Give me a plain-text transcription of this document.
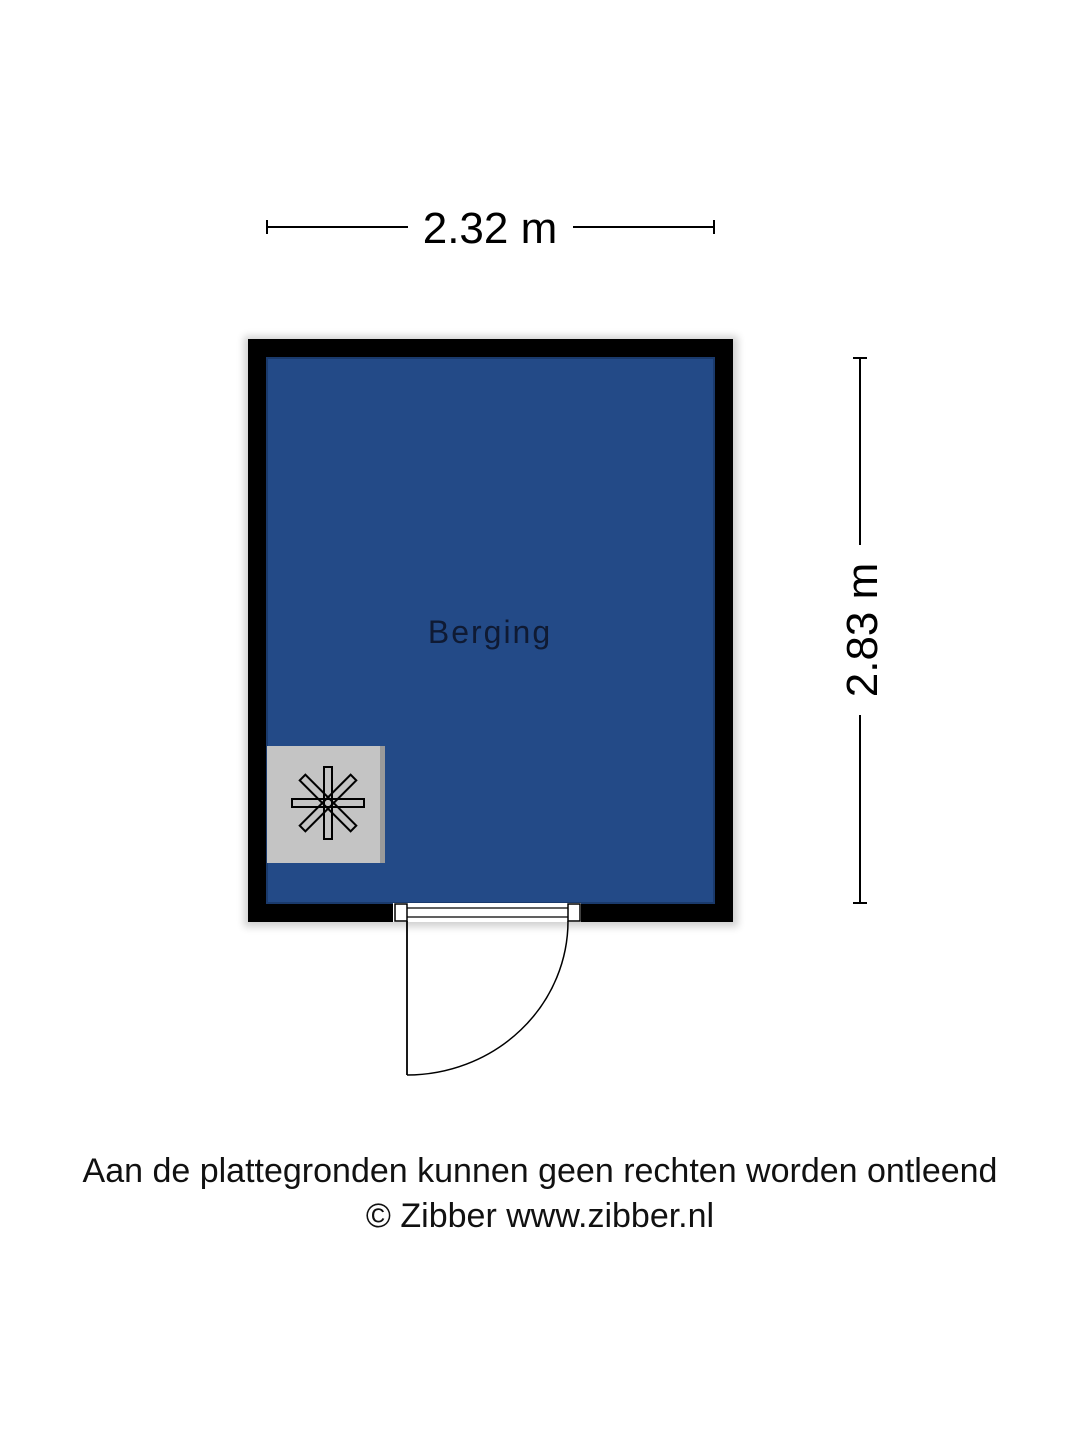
2.32 m
2.83 m
Berging
Aan de plattegronden kunnen geen rechten worden ontleend
© Zibber www.zibber.nl
